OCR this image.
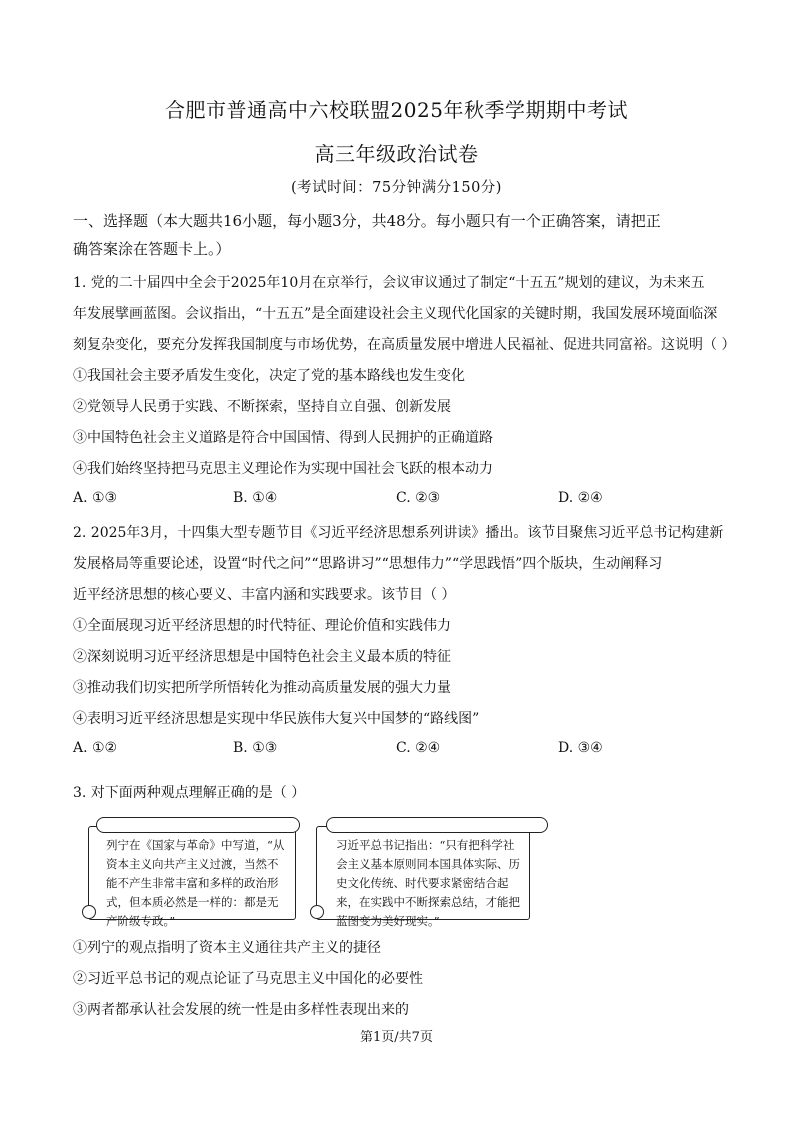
合肥市普通高中六校联盟2025年秋季学期期中考试
高三年级政治试卷
(考试时间：75分钟满分150分)
一、选择题（本大题共16小题，每小题3分，共48分。每小题只有一个正确答案，请把正
确答案涂在答题卡上。）
1. 党的二十届四中全会于2025年10月在京举行，会议审议通过了制定“十五五”规划的建议，为未来五
年发展擘画蓝图。会议指出，“十五五”是全面建设社会主义现代化国家的关键时期，我国发展环境面临深
刻复杂变化，要充分发挥我国制度与市场优势，在高质量发展中增进人民福祉、促进共同富裕。这说明（ ）
①我国社会主要矛盾发生变化，决定了党的基本路线也发生变化
②党领导人民勇于实践、不断探索，坚持自立自强、创新发展
③中国特色社会主义道路是符合中国国情、得到人民拥护的正确道路
④我们始终坚持把马克思主义理论作为实现中国社会飞跃的根本动力
A. ①③	B. ①④	C. ②③	D. ②④
2. 2025年3月，十四集大型专题节目《习近平经济思想系列讲读》播出。该节目聚焦习近平总书记构建新
发展格局等重要论述，设置“时代之问”“思路讲习”“思想伟力”“学思践悟”四个版块，生动阐释习
近平经济思想的核心要义、丰富内涵和实践要求。该节目（ ）
①全面展现习近平经济思想的时代特征、理论价值和实践伟力
②深刻说明习近平经济思想是中国特色社会主义最本质的特征
③推动我们切实把所学所悟转化为推动高质量发展的强大力量
④表明习近平经济思想是实现中华民族伟大复兴中国梦的“路线图”
A. ①②	B. ①③	C. ②④	D. ③④
3. 对下面两种观点理解正确的是（ ）
列宁在《国家与革命》中写道，“从资本主义向共产主义过渡，当然不能不产生非常丰富和多样的政治形式，但本质必然是一样的：都是无产阶级专政。”
习近平总书记指出：“只有把科学社会主义基本原则同本国具体实际、历史文化传统、时代要求紧密结合起来，在实践中不断探索总结，才能把蓝图变为美好现实。”
①列宁的观点指明了资本主义通往共产主义的捷径
②习近平总书记的观点论证了马克思主义中国化的必要性
③两者都承认社会发展的统一性是由多样性表现出来的
第1页/共7页
